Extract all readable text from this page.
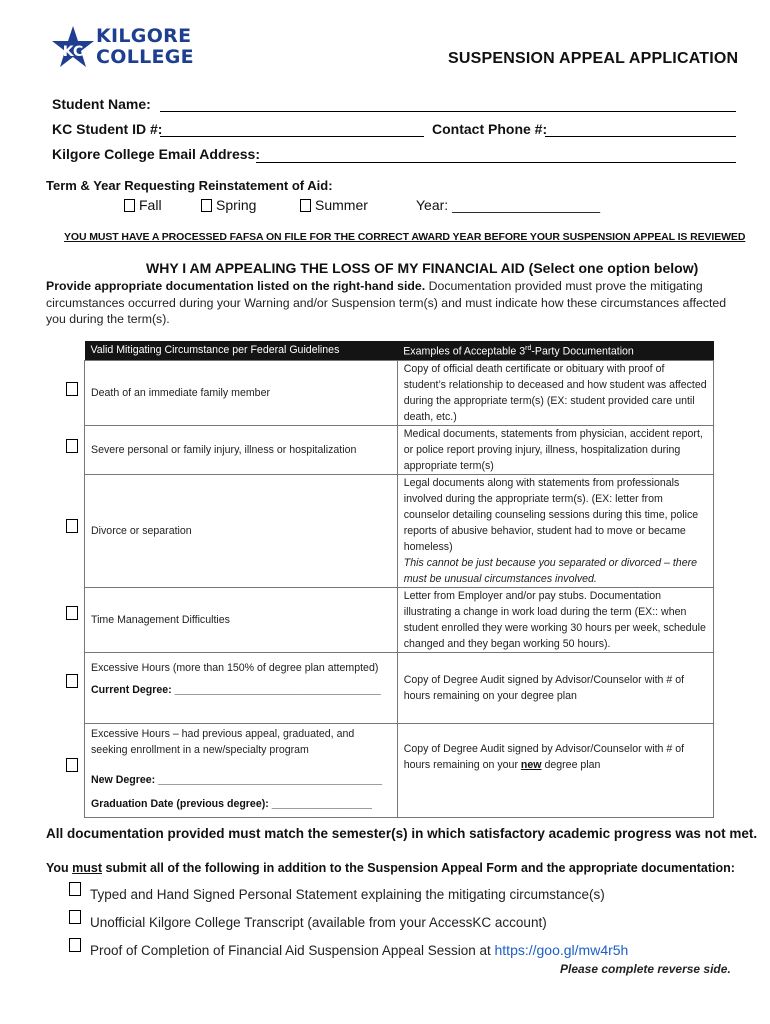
KC
KILGORE
COLLEGE	SUSPENSION APPEAL APPLICATION
Student Name:
KC Student ID #:	Contact Phone #:
Kilgore College Email Address:
Term & Year Requesting Reinstatement of Aid:
Fall	Spring	Summer	Year: ___________________
YOU MUST HAVE A PROCESSED FAFSA ON FILE FOR THE CORRECT AWARD YEAR BEFORE YOUR SUSPENSION APPEAL IS REVIEWED
WHY I AM APPEALING THE LOSS OF MY FINANCIAL AID (Select one option below)
Provide appropriate documentation listed on the right-hand side. Documentation provided must prove the mitigating circumstances occurred during your Warning and/or Suspension term(s) and must indicate how these circumstances affected you during the term(s).
Valid Mitigating Circumstance per Federal Guidelines	Examples of Acceptable 3rd-Party Documentation
Death of an immediate family member	Copy of official death certificate or obituary with proof of student’s relationship to deceased and how student was affected during the appropriate term(s) (EX: student provided care until death, etc.)
Severe personal or family injury, illness or hospitalization	Medical documents, statements from physician, accident report, or police report proving injury, illness, hospitalization during appropriate term(s)
Divorce or separation	Legal documents along with statements from professionals involved during the appropriate term(s). (EX: letter from counselor detailing counseling sessions during this time, police reports of abusive behavior, student had to move or became homeless)
This cannot be just because you separated or divorced – there must be unusual circumstances involved.

Time Management Difficulties	Letter from Employer and/or pay stubs. Documentation illustrating a change in work load during the term (EX:: when student enrolled they were working 30 hours per week, schedule changed and they began working 50 hours).
Excessive Hours (more than 150% of degree plan attempted)
Current Degree: ___________________________________	Copy of Degree Audit signed by Advisor/Counselor with # of hours remaining on your degree plan

Excessive Hours – had previous appeal, graduated, and seeking enrollment in a new/specialty program
New Degree: ______________________________________
Graduation Date (previous degree): _________________	Copy of Degree Audit signed by Advisor/Counselor with # of hours remaining on your new degree plan
All documentation provided must match the semester(s) in which satisfactory academic progress was not met.
You must submit all of the following in addition to the Suspension Appeal Form and the appropriate documentation:
Typed and Hand Signed Personal Statement explaining the mitigating circumstance(s)
Unofficial Kilgore College Transcript (available from your AccessKC account)
Proof of Completion of Financial Aid Suspension Appeal Session at https://goo.gl/mw4r5h
Please complete reverse side.
